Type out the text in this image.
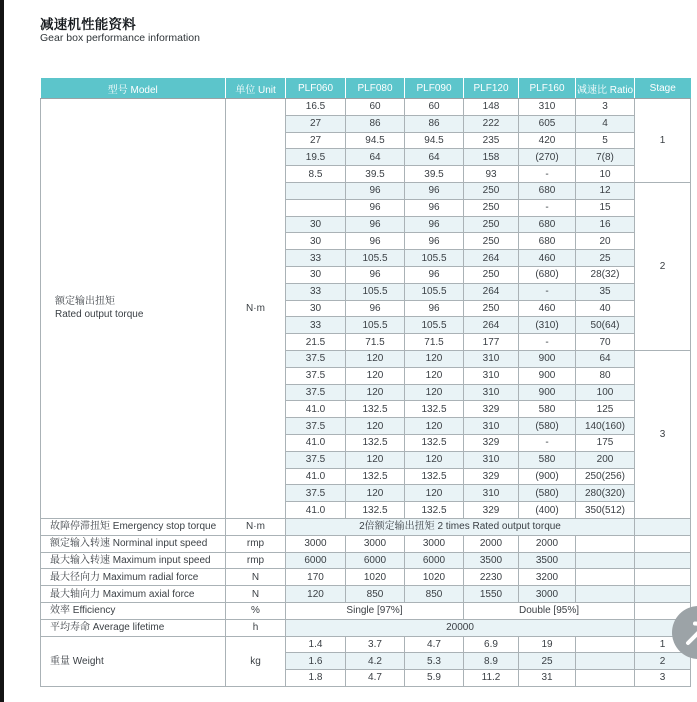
减速机性能资料
Gear box performance information
型号 Model	单位 Unit	PLF060	PLF080	PLF090	PLF120	PLF160	减速比 Ratio	Stage

额定输出扭矩
Rated output torque	N·m	16.5	60	60	148	310	3	1
		27	86	86	222	605	4	
		27	94.5	94.5	235	420	5	
		19.5	64	64	158	(270)	7(8)	
		8.5	39.5	39.5	93	-	10	
			96	96	250	680	12	2
			96	96	250	-	15	
		30	96	96	250	680	16	
		30	96	96	250	680	20	
		33	105.5	105.5	264	460	25	
		30	96	96	250	(680)	28(32)	
		33	105.5	105.5	264	-	35	
		30	96	96	250	460	40	
		33	105.5	105.5	264	(310)	50(64)	
		21.5	71.5	71.5	177	-	70	
		37.5	120	120	310	900	64	3
		37.5	120	120	310	900	80	
		37.5	120	120	310	900	100	
		41.0	132.5	132.5	329	580	125	
		37.5	120	120	310	(580)	140(160)	
		41.0	132.5	132.5	329	-	175	
		37.5	120	120	310	580	200	
		41.0	132.5	132.5	329	(900)	250(256)	
		37.5	120	120	310	(580)	280(320)	
		41.0	132.5	132.5	329	(400)	350(512)	
故障停滞扭矩 Emergency stop torque	N·m	2倍额定输出扭矩 2 times Rated output torque						
额定输入转速 Norminal input speed	rmp	3000	3000	3000	2000	2000		
最大输入转速 Maximum input speed	rmp	6000	6000	6000	3500	3500		
最大径向力 Maximum radial force	N	170	1020	1020	2230	3200		
最大轴向力 Maximum axial force	N	120	850	850	1550	3000		
效率 Efficiency	%	Single [97%]			Double [95%]			
平均寿命 Average lifetime	h	20000						
重量 Weight	kg	1.4	3.7	4.7	6.9	19		1
		1.6	4.2	5.3	8.9	25		2
		1.8	4.7	5.9	11.2	31		3
